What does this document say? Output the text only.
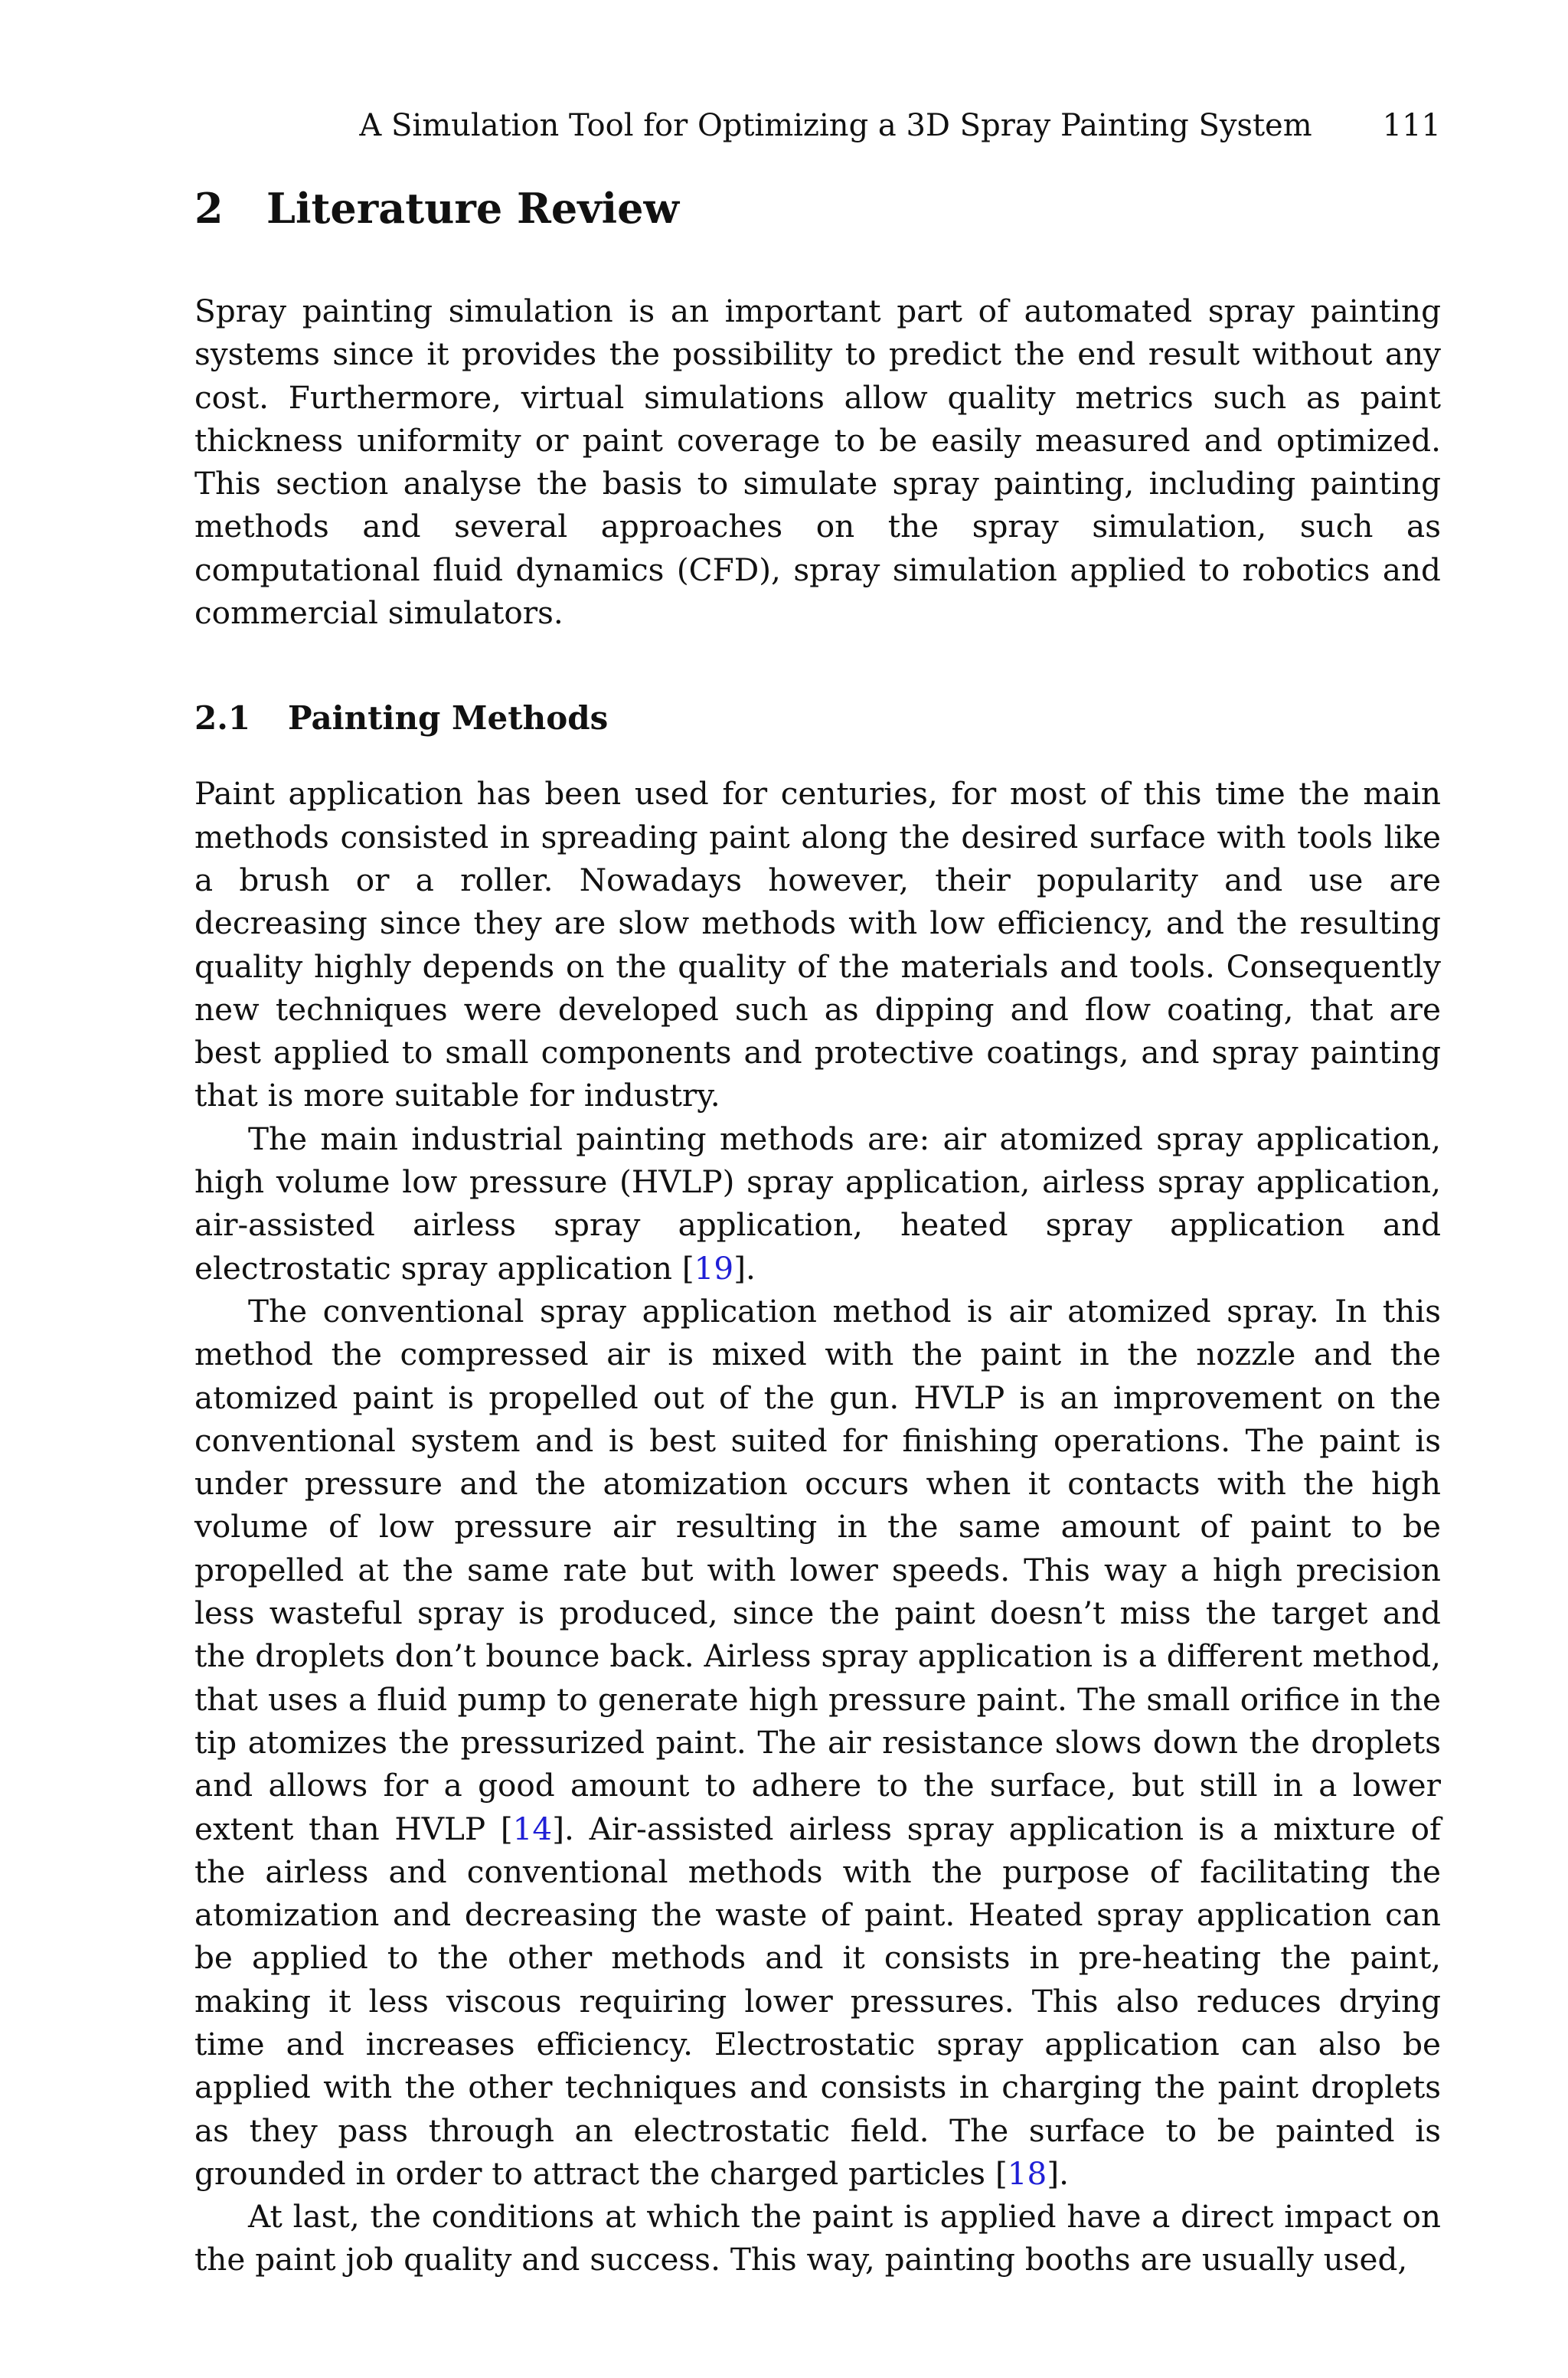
A Simulation Tool for Optimizing a 3D Spray Painting System 111
2 Literature Review

Spray painting simulation is an important part of automated spray painting systems since it provides the possibility to predict the end result without any cost. Furthermore, virtual simulations allow quality metrics such as paint thickness uniformity or paint coverage to be easily measured and optimized. This section analyse the basis to simulate spray painting, including painting methods and several approaches on the spray simulation, such as computational fluid dynamics (CFD), spray simulation applied to robotics and commercial simulators.

2.1 Painting Methods

Paint application has been used for centuries, for most of this time the main methods consisted in spreading paint along the desired surface with tools like a brush or a roller. Nowadays however, their popularity and use are decreasing since they are slow methods with low efficiency, and the resulting quality highly depends on the quality of the materials and tools. Consequently new techniques were developed such as dipping and flow coating, that are best applied to small components and protective coatings, and spray painting that is more suitable for industry.

The main industrial painting methods are: air atomized spray application, high volume low pressure (HVLP) spray application, airless spray application, air-assisted airless spray application, heated spray application and electrostatic spray application [19].

The conventional spray application method is air atomized spray. In this method the compressed air is mixed with the paint in the nozzle and the atomized paint is propelled out of the gun. HVLP is an improvement on the conventional system and is best suited for finishing operations. The paint is under pressure and the atomization occurs when it contacts with the high volume of low pressure air resulting in the same amount of paint to be propelled at the same rate but with lower speeds. This way a high precision less wasteful spray is produced, since the paint doesn’t miss the target and the droplets don’t bounce back. Airless spray application is a different method, that uses a fluid pump to generate high pressure paint. The small orifice in the tip atomizes the pressurized paint. The air resistance slows down the droplets and allows for a good amount to adhere to the surface, but still in a lower extent than HVLP [14]. Air-assisted airless spray application is a mixture of the airless and conventional methods with the purpose of facilitating the atomization and decreasing the waste of paint. Heated spray application can be applied to the other methods and it consists in pre-heating the paint, making it less viscous requiring lower pressures. This also reduces drying time and increases efficiency. Electrostatic spray application can also be applied with the other techniques and consists in charging the paint droplets as they pass through an electrostatic field. The surface to be painted is grounded in order to attract the charged particles [18].

At last, the conditions at which the paint is applied have a direct impact on the paint job quality and success. This way, painting booths are usually used,
